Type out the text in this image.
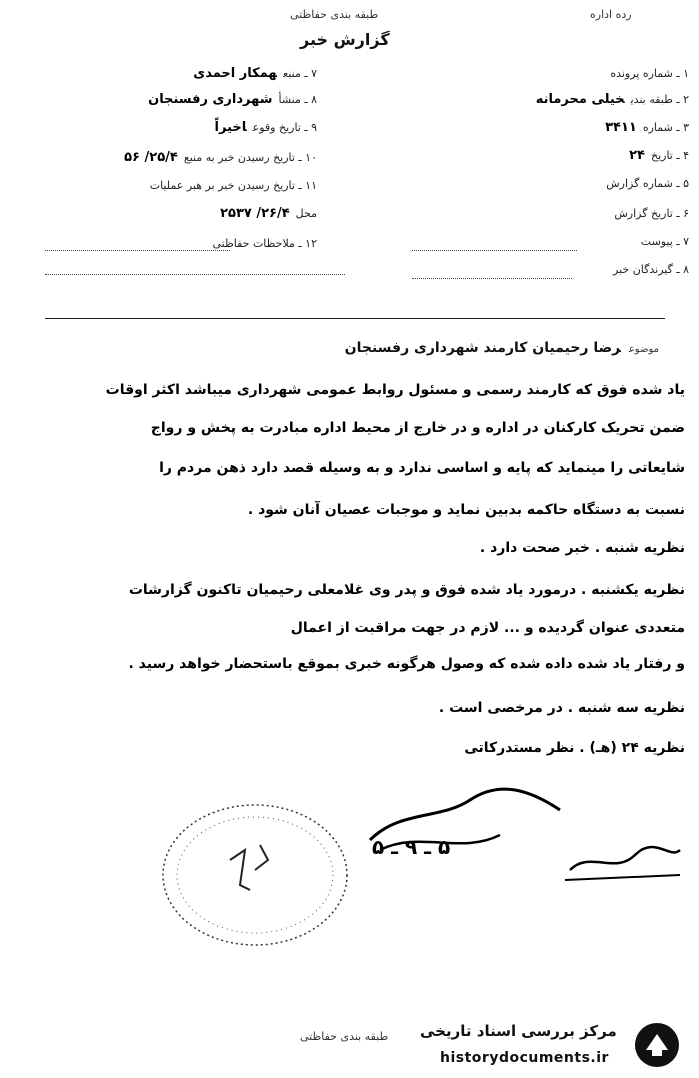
طبقه بندی حفاظتی	رده اداره
گزارش خبر
۱ ـ شماره پرونده
۲ ـ طبقه بندیخیلی محرمانه
۳ ـ شماره۳۴۱۱
۴ ـ تاریخ۲۴
۵ ـ شماره گزارش
۶ ـ تاریخ گزارش
۷ ـ پیوست
۸ ـ گیرندگان خبر
۷ ـ منبعهمکار احمدی
۸ ـ منشأشهرداری رفسنجان
۹ ـ تاریخ وقوعاخیراً
۱۰ ـ تاریخ رسیدن خبر به منبع۲۵/۴/ ۵۶
۱۱ ـ تاریخ رسیدن خبر بر هبر عملیات
محل۲۶/۴/ ۲۵۳۷
۱۲ ـ ملاحظات حفاظتی
موضوعرضا رحیمیان کارمند شهرداری رفسنجان
یاد شده فوق که کارمند رسمی و مسئول روابط عمومی شهرداری میباشد اکثر اوقات
ضمن تحریک کارکنان در اداره و در خارج از محیط اداره مبادرت به پخش و رواج
شایعاتی را مینماید که پایه و اساسی ندارد و به وسیله قصد دارد ذهن مردم را
نسبت به دستگاه حاکمه بدبین نماید و موجبات عصیان آنان شود .
نظریه شنبه . خبر صحت دارد .
نظریه یکشنبه . درمورد یاد شده فوق و پدر وی غلامعلی رحیمیان تاکنون گزارشات
متعددی عنوان گردیده و ... لازم در جهت مراقبت از اعمال
و رفتار یاد شده داده شده که وصول هرگونه خبری بموقع باستحضار خواهد رسید .
نظریه سه شنبه . در مرخصی است .
نظریه ۲۴ (هـ) . نظر مستدرکاتی
۵ ـ ۹ ـ ۵
طبقه بندی حفاظتی مرکز بررسی اسناد تاریخی
historydocuments.ir
